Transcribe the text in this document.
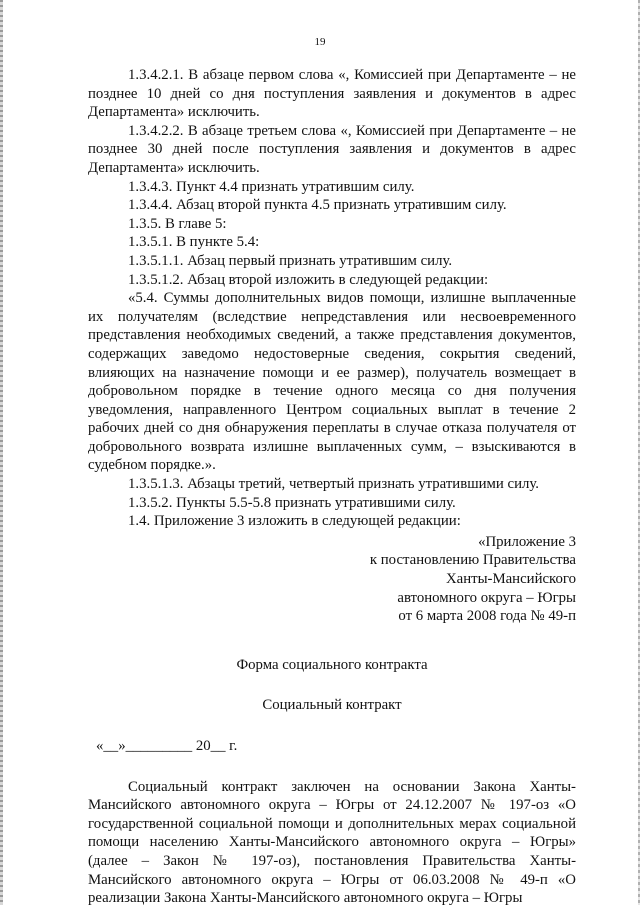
19

1.3.4.2.1. В абзаце первом слова «, Комиссией при Департаменте – не позднее 10 дней со дня поступления заявления и документов в адрес Департамента» исключить.

1.3.4.2.2. В абзаце третьем слова «, Комиссией при Департаменте – не позднее 30 дней после поступления заявления и документов в адрес Департамента» исключить.

1.3.4.3. Пункт 4.4 признать утратившим силу.

1.3.4.4. Абзац второй пункта 4.5 признать утратившим силу.

1.3.5. В главе 5:

1.3.5.1. В пункте 5.4:

1.3.5.1.1. Абзац первый признать утратившим силу.

1.3.5.1.2. Абзац второй изложить в следующей редакции:

«5.4. Суммы дополнительных видов помощи, излишне выплаченные их получателям (вследствие непредставления или несвоевременного представления необходимых сведений, а также представления документов, содержащих заведомо недостоверные сведения, сокрытия сведений, влияющих на назначение помощи и ее размер), получатель возмещает в добровольном порядке в течение одного месяца со дня получения уведомления, направленного Центром социальных выплат в течение 2 рабочих дней со дня обнаружения переплаты в случае отказа получателя от добровольного возврата излишне выплаченных сумм, – взыскиваются в судебном порядке.».

1.3.5.1.3. Абзацы третий, четвертый признать утратившими силу.

1.3.5.2. Пункты 5.5-5.8 признать утратившими силу.

1.4. Приложение 3 изложить в следующей редакции:

«Приложение 3

к постановлению Правительства

Ханты-Мансийского

автономного округа – Югры

от 6 марта 2008 года № 49-п

Форма социального контракта

Социальный контракт

«__»_________ 20__ г.

Социальный контракт заключен на основании Закона Ханты-Мансийского автономного округа – Югры от 24.12.2007 № 197-оз «О государственной социальной помощи и дополнительных мерах социальной помощи населению Ханты-Мансийского автономного округа – Югры» (далее – Закон № 197-оз), постановления Правительства Ханты-Мансийского автономного округа – Югры от 06.03.2008 № 49-п «О реализации Закона Ханты-Мансийского автономного округа – Югры
